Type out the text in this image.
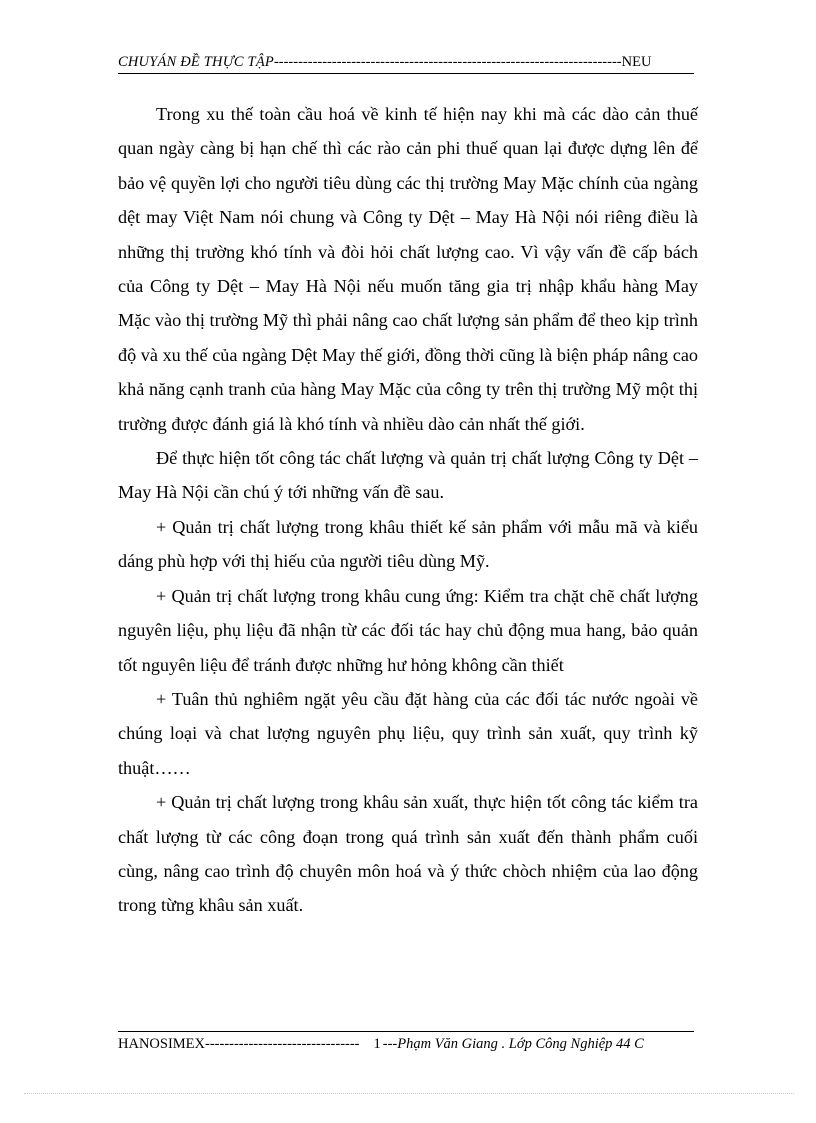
CHUYÁN ĐỀ THỰC TẬP------------------------------------------------------------------------NEU

Trong xu thế toàn cầu hoá về kinh tế hiện nay khi mà các dào cản thuế quan ngày càng bị hạn chế thì các rào cản phi thuế quan lại được dựng lên để bảo vệ quyền lợi cho người tiêu dùng các thị trường May Mặc chính của ngàng dệt may Việt Nam nói chung và Công ty Dệt – May Hà Nội nói riêng điều là những thị trường khó tính và đòi hỏi chất lượng cao. Vì vậy vấn đề cấp bách của Công ty Dệt – May Hà Nội nếu muốn tăng gia trị nhập khẩu hàng May Mặc vào thị trường Mỹ thì phải nâng cao chất lượng sản phẩm để theo kịp trình độ và xu thế của ngàng Dệt May thế giới, đồng thời cũng là biện pháp nâng cao khả năng cạnh tranh của hàng May Mặc của công ty trên thị trường Mỹ một thị trường được đánh giá là khó tính và nhiều dào cản nhất thế giới.

Để thực hiện tốt công tác chất lượng và quản trị chất lượng Công ty Dệt – May Hà Nội cần chú ý tới những vấn đề sau.

+ Quản trị chất lượng trong khâu thiết kế sản phẩm với mẫu mã và kiểu dáng phù hợp với thị hiếu của người tiêu dùng Mỹ.

+ Quản trị chất lượng trong khâu cung ứng: Kiểm tra chặt chẽ chất lượng nguyên liệu, phụ liệu đã nhận từ các đối tác hay chủ động mua hang, bảo quản tốt nguyên liệu để tránh được những hư hỏng không cần thiết

+ Tuân thủ nghiêm ngặt yêu cầu đặt hàng của các đối tác nước ngoài về chúng loại và chat lượng nguyên phụ liệu, quy trình sản xuất, quy trình kỹ thuật……

+ Quản trị chất lượng trong khâu sản xuất, thực hiện tốt công tác kiểm tra chất lượng từ các công đoạn trong quá trình sản xuất đến thành phẩm cuối cùng, nâng cao trình độ chuyên môn hoá và ý thức chòch nhiệm của lao động trong từng khâu sản xuất.

HANOSIMEX-------------------------------- 1 ---Phạm Văn Giang . Lớp Công Nghiệp 44 C
